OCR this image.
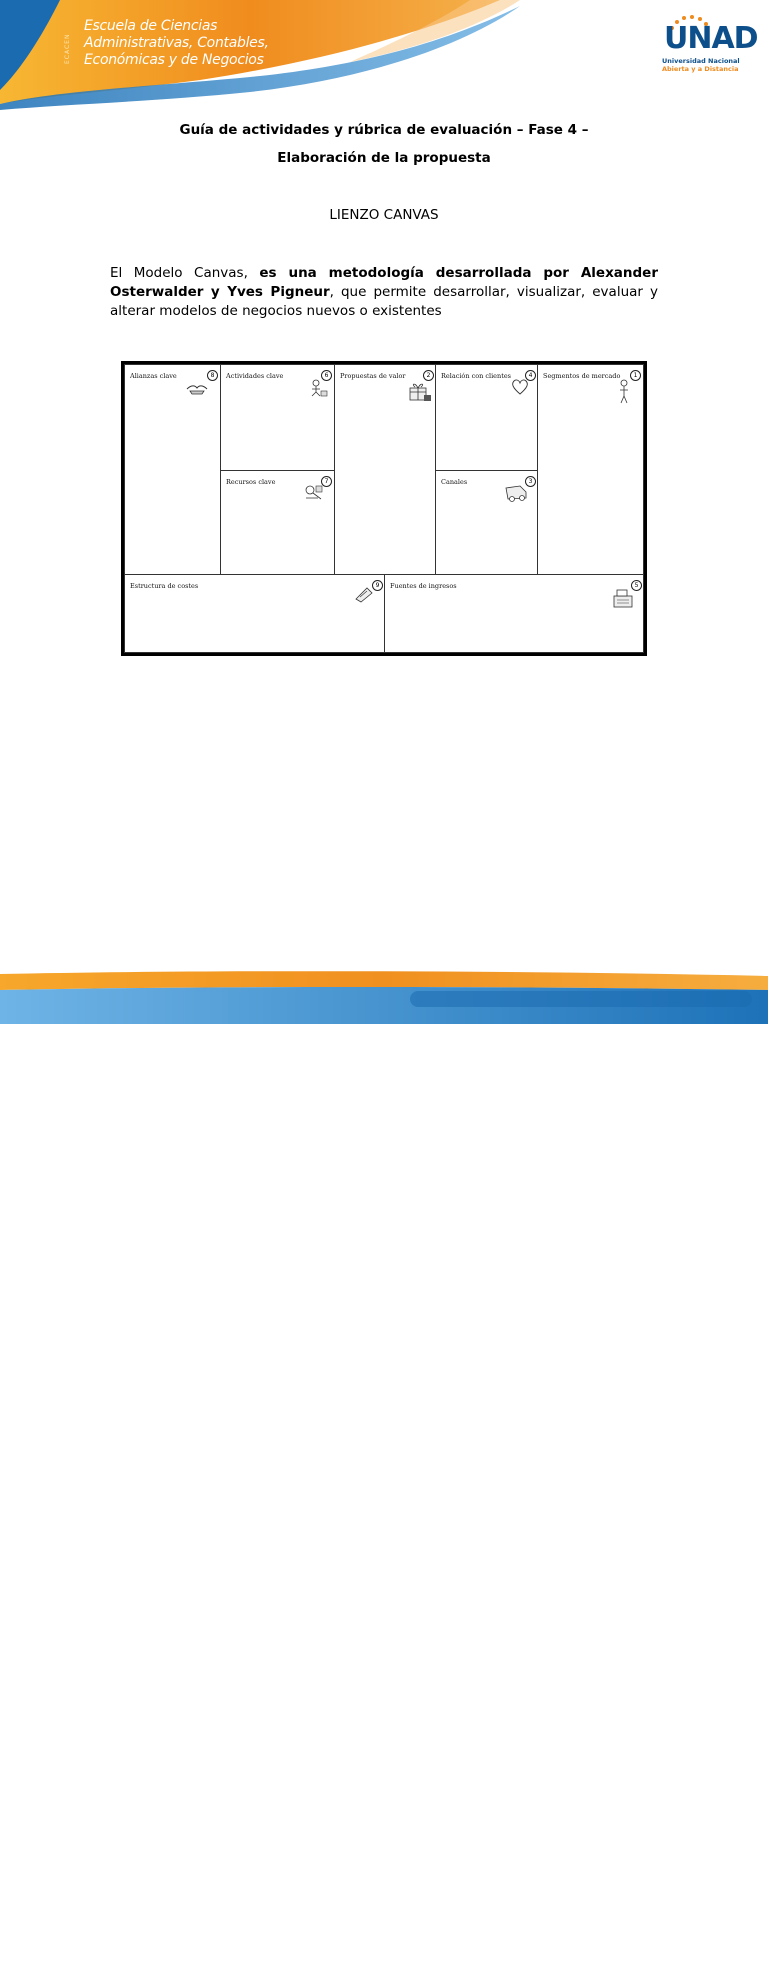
ECACEN
Escuela de Ciencias
Administrativas, Contables,
Económicas y de Negocios
UNAD
Universidad Nacional
Abierta y a Distancia
Guía de actividades y rúbrica de evaluación – Fase 4 –
Elaboración de la propuesta
LIENZO CANVAS
El Modelo Canvas, es una metodología desarrollada por Alexander Osterwalder y Yves Pigneur, que permite desarrollar, visualizar, evaluar y alterar modelos de negocios nuevos o existentes
Alianzas clave	8	Actividades clave	6
Recursos clave	7
Propuestas de valor	2	Relación con clientes	4
Canales	3
Segmentos de mercado	1
Estructura de costes	9	Fuentes de ingresos	5
Prohibida su reproducción y copia sin autorización de la UNAD. // UNAD © 2020 derechos reservados.
